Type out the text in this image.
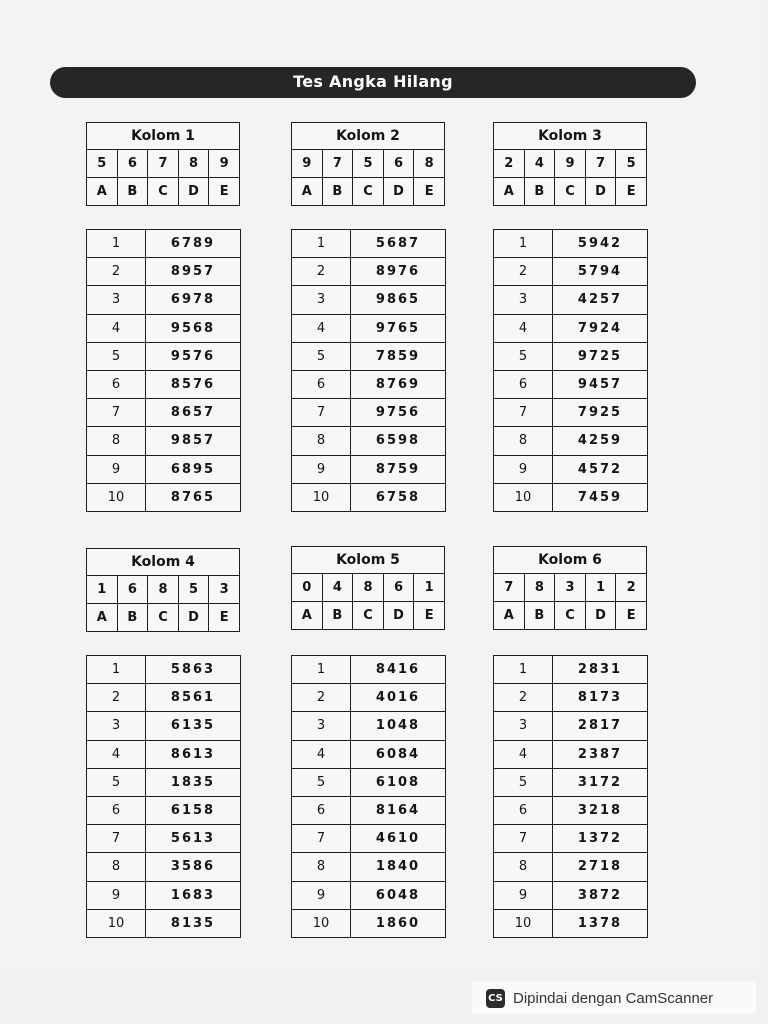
Tes Angka Hilang
Kolom 1				
5	6	7	8	9
A	B	C	D	E
1	6789
2	8957
3	6978
4	9568
5	9576
6	8576
7	8657
8	9857
9	6895
10	8765
Kolom 2				
9	7	5	6	8
A	B	C	D	E
1	5687
2	8976
3	9865
4	9765
5	7859
6	8769
7	9756
8	6598
9	8759
10	6758
Kolom 3				
2	4	9	7	5
A	B	C	D	E
1	5942
2	5794
3	4257
4	7924
5	9725
6	9457
7	7925
8	4259
9	4572
10	7459
Kolom 4				
1	6	8	5	3
A	B	C	D	E
1	5863
2	8561
3	6135
4	8613
5	1835
6	6158
7	5613
8	3586
9	1683
10	8135
Kolom 5				
0	4	8	6	1
A	B	C	D	E
1	8416
2	4016
3	1048
4	6084
5	6108
6	8164
7	4610
8	1840
9	6048
10	1860
Kolom 6				
7	8	3	1	2
A	B	C	D	E
1	2831
2	8173
3	2817
4	2387
5	3172
6	3218
7	1372
8	2718
9	3872
10	1378
CS Dipindai dengan CamScanner
